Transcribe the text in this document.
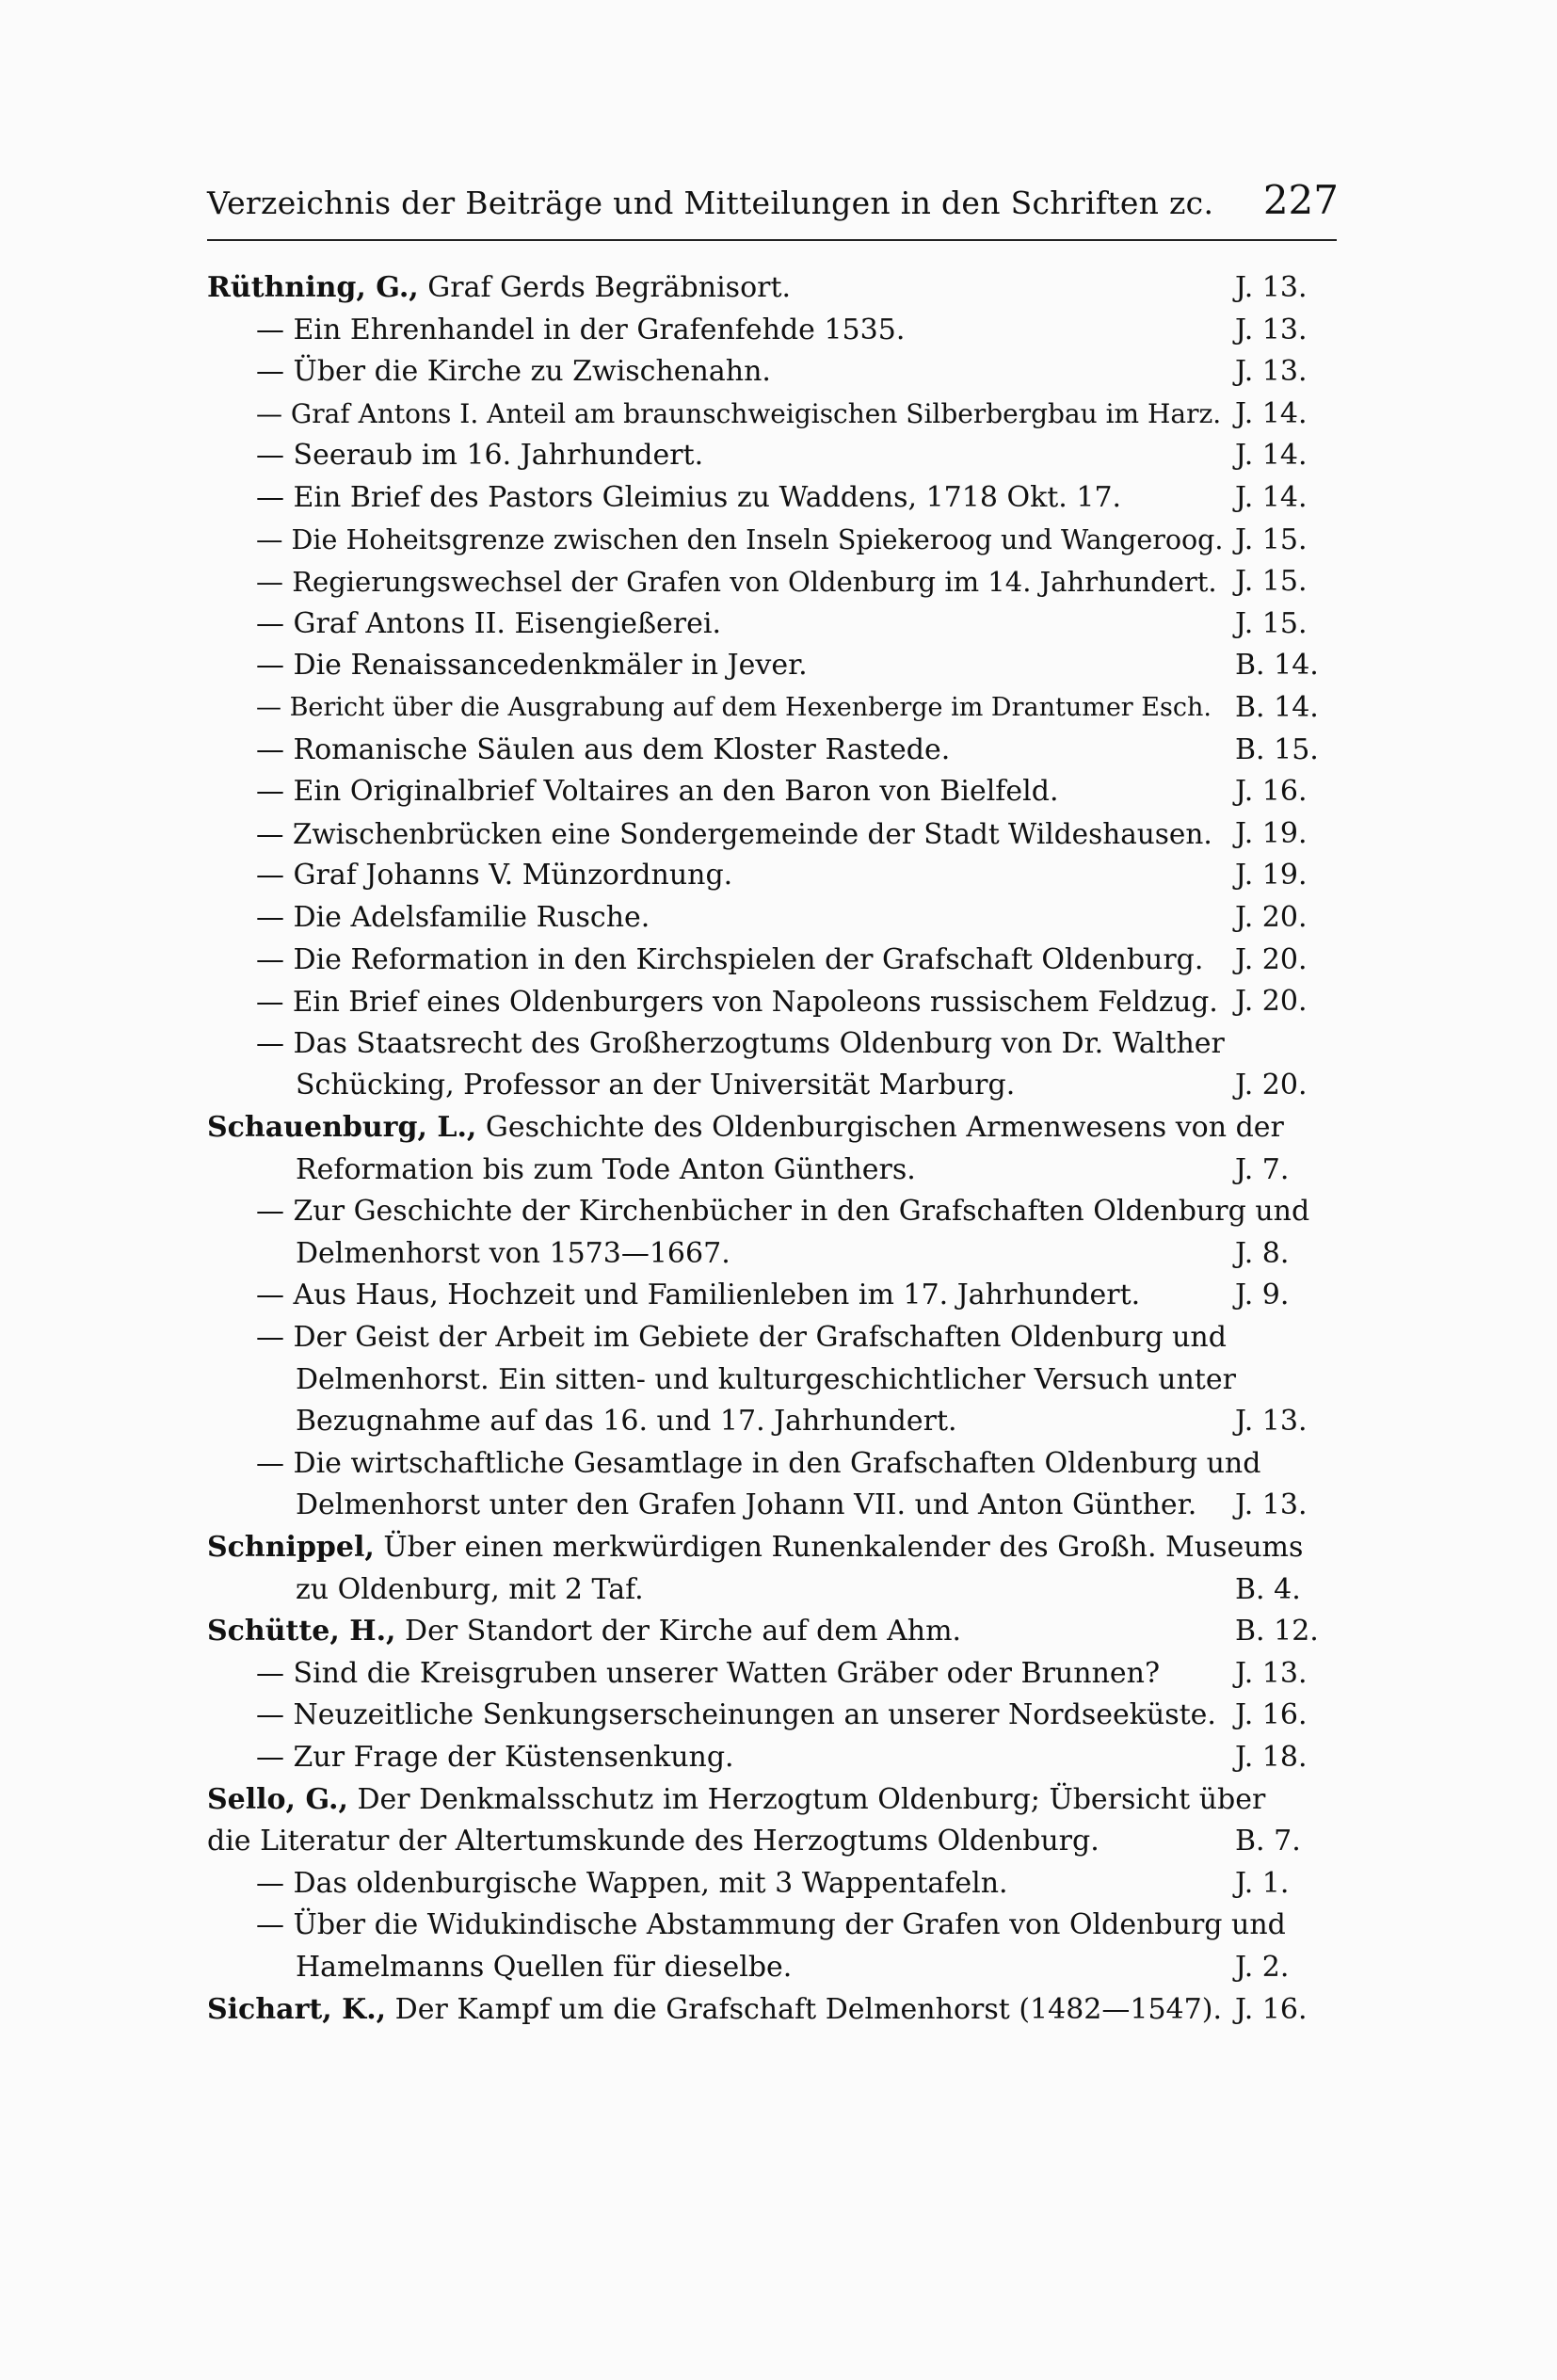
Verzeichnis der Beiträge und Mitteilungen in den Schriften zc. 227
Rüthning, G., Graf Gerds Begräbnisort.	J. 13.
— Ein Ehrenhandel in der Grafenfehde 1535.	J. 13.
— Über die Kirche zu Zwischenahn.	J. 13.
— Graf Antons I. Anteil am braunschweigischen Silberbergbau im Harz. J. 14.
— Seeraub im 16. Jahrhundert.	J. 14.
— Ein Brief des Pastors Gleimius zu Waddens, 1718 Okt. 17.	J. 14.
— Die Hoheitsgrenze zwischen den Inseln Spiekeroog und Wangeroog. J. 15.
— Regierungswechsel der Grafen von Oldenburg im 14. Jahrhundert. J. 15.
— Graf Antons II. Eisengießerei.	J. 15.
— Die Renaissancedenkmäler in Jever.	B. 14.
— Bericht über die Ausgrabung auf dem Hexenberge im Drantumer Esch. B. 14.
— Romanische Säulen aus dem Kloster Rastede.	B. 15.
— Ein Originalbrief Voltaires an den Baron von Bielfeld.	J. 16.
— Zwischenbrücken eine Sondergemeinde der Stadt Wildeshausen. J. 19.
— Graf Johanns V. Münzordnung.	J. 19.
— Die Adelsfamilie Rusche.	J. 20.
— Die Reformation in den Kirchspielen der Grafschaft Oldenburg. J. 20.
— Ein Brief eines Oldenburgers von Napoleons russischem Feldzug. J. 20.
— Das Staatsrecht des Großherzogtums Oldenburg von Dr. Walther
Schücking, Professor an der Universität Marburg.	J. 20.
Schauenburg, L., Geschichte des Oldenburgischen Armenwesens von der
Reformation bis zum Tode Anton Günthers.	J. 7.
— Zur Geschichte der Kirchenbücher in den Grafschaften Oldenburg und
Delmenhorst von 1573—1667.	J. 8.
— Aus Haus, Hochzeit und Familienleben im 17. Jahrhundert.	J. 9.
— Der Geist der Arbeit im Gebiete der Grafschaften Oldenburg und
Delmenhorst. Ein sitten- und kulturgeschichtlicher Versuch unter
Bezugnahme auf das 16. und 17. Jahrhundert.	J. 13.
— Die wirtschaftliche Gesamtlage in den Grafschaften Oldenburg und
Delmenhorst unter den Grafen Johann VII. und Anton Günther. J. 13.
Schnippel, Über einen merkwürdigen Runenkalender des Großh. Museums
zu Oldenburg, mit 2 Taf.	B. 4.
Schütte, H., Der Standort der Kirche auf dem Ahm.	B. 12.
— Sind die Kreisgruben unserer Watten Gräber oder Brunnen?	J. 13.
— Neuzeitliche Senkungserscheinungen an unserer Nordseeküste. J. 16.
— Zur Frage der Küstensenkung.	J. 18.
Sello, G., Der Denkmalsschutz im Herzogtum Oldenburg; Übersicht über
die Literatur der Altertumskunde des Herzogtums Oldenburg.	B. 7.
— Das oldenburgische Wappen, mit 3 Wappentafeln.	J. 1.
— Über die Widukindische Abstammung der Grafen von Oldenburg und
Hamelmanns Quellen für dieselbe.	J. 2.
Sichart, K., Der Kampf um die Grafschaft Delmenhorst (1482—1547). J. 16.
